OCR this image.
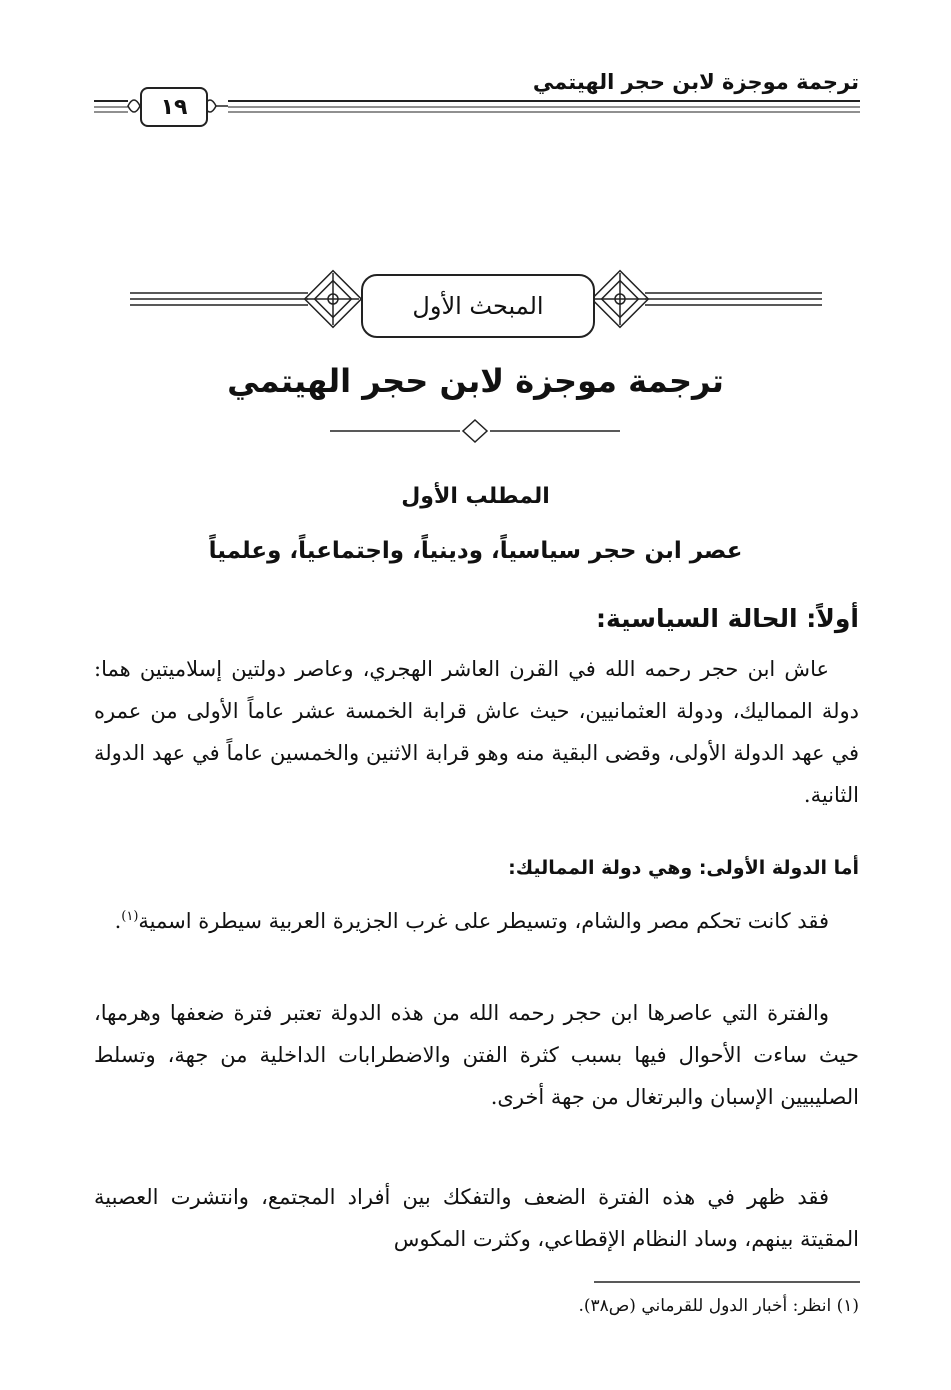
ترجمة موجزة لابن حجر الهيتمي
١٩
المبحث الأول
ترجمة موجزة لابن حجر الهيتمي
المطلب الأول
عصر ابن حجر سياسياً، ودينياً، واجتماعياً، وعلمياً
أولاً: الحالة السياسية:
عاش ابن حجر رحمه الله في القرن العاشر الهجري، وعاصر دولتين إسلاميتين هما: دولة المماليك، ودولة العثمانيين، حيث عاش قرابة الخمسة عشر عاماً الأولى من عمره في عهد الدولة الأولى، وقضى البقية منه وهو قرابة الاثنين والخمسين عاماً في عهد الدولة الثانية.
أما الدولة الأولى: وهي دولة المماليك:
فقد كانت تحكم مصر والشام، وتسيطر على غرب الجزيرة العربية سيطرة اسمية$^{(١)}$.
والفترة التي عاصرها ابن حجر رحمه الله من هذه الدولة تعتبر فترة ضعفها وهرمها، حيث ساءت الأحوال فيها بسبب كثرة الفتن والاضطرابات الداخلية من جهة، وتسلط الصليبيين الإسبان والبرتغال من جهة أخرى.
فقد ظهر في هذه الفترة الضعف والتفكك بين أفراد المجتمع، وانتشرت العصبية المقيتة بينهم، وساد النظام الإقطاعي، وكثرت المكوس
(١) انظر: أخبار الدول للقرماني (ص٣٨).
